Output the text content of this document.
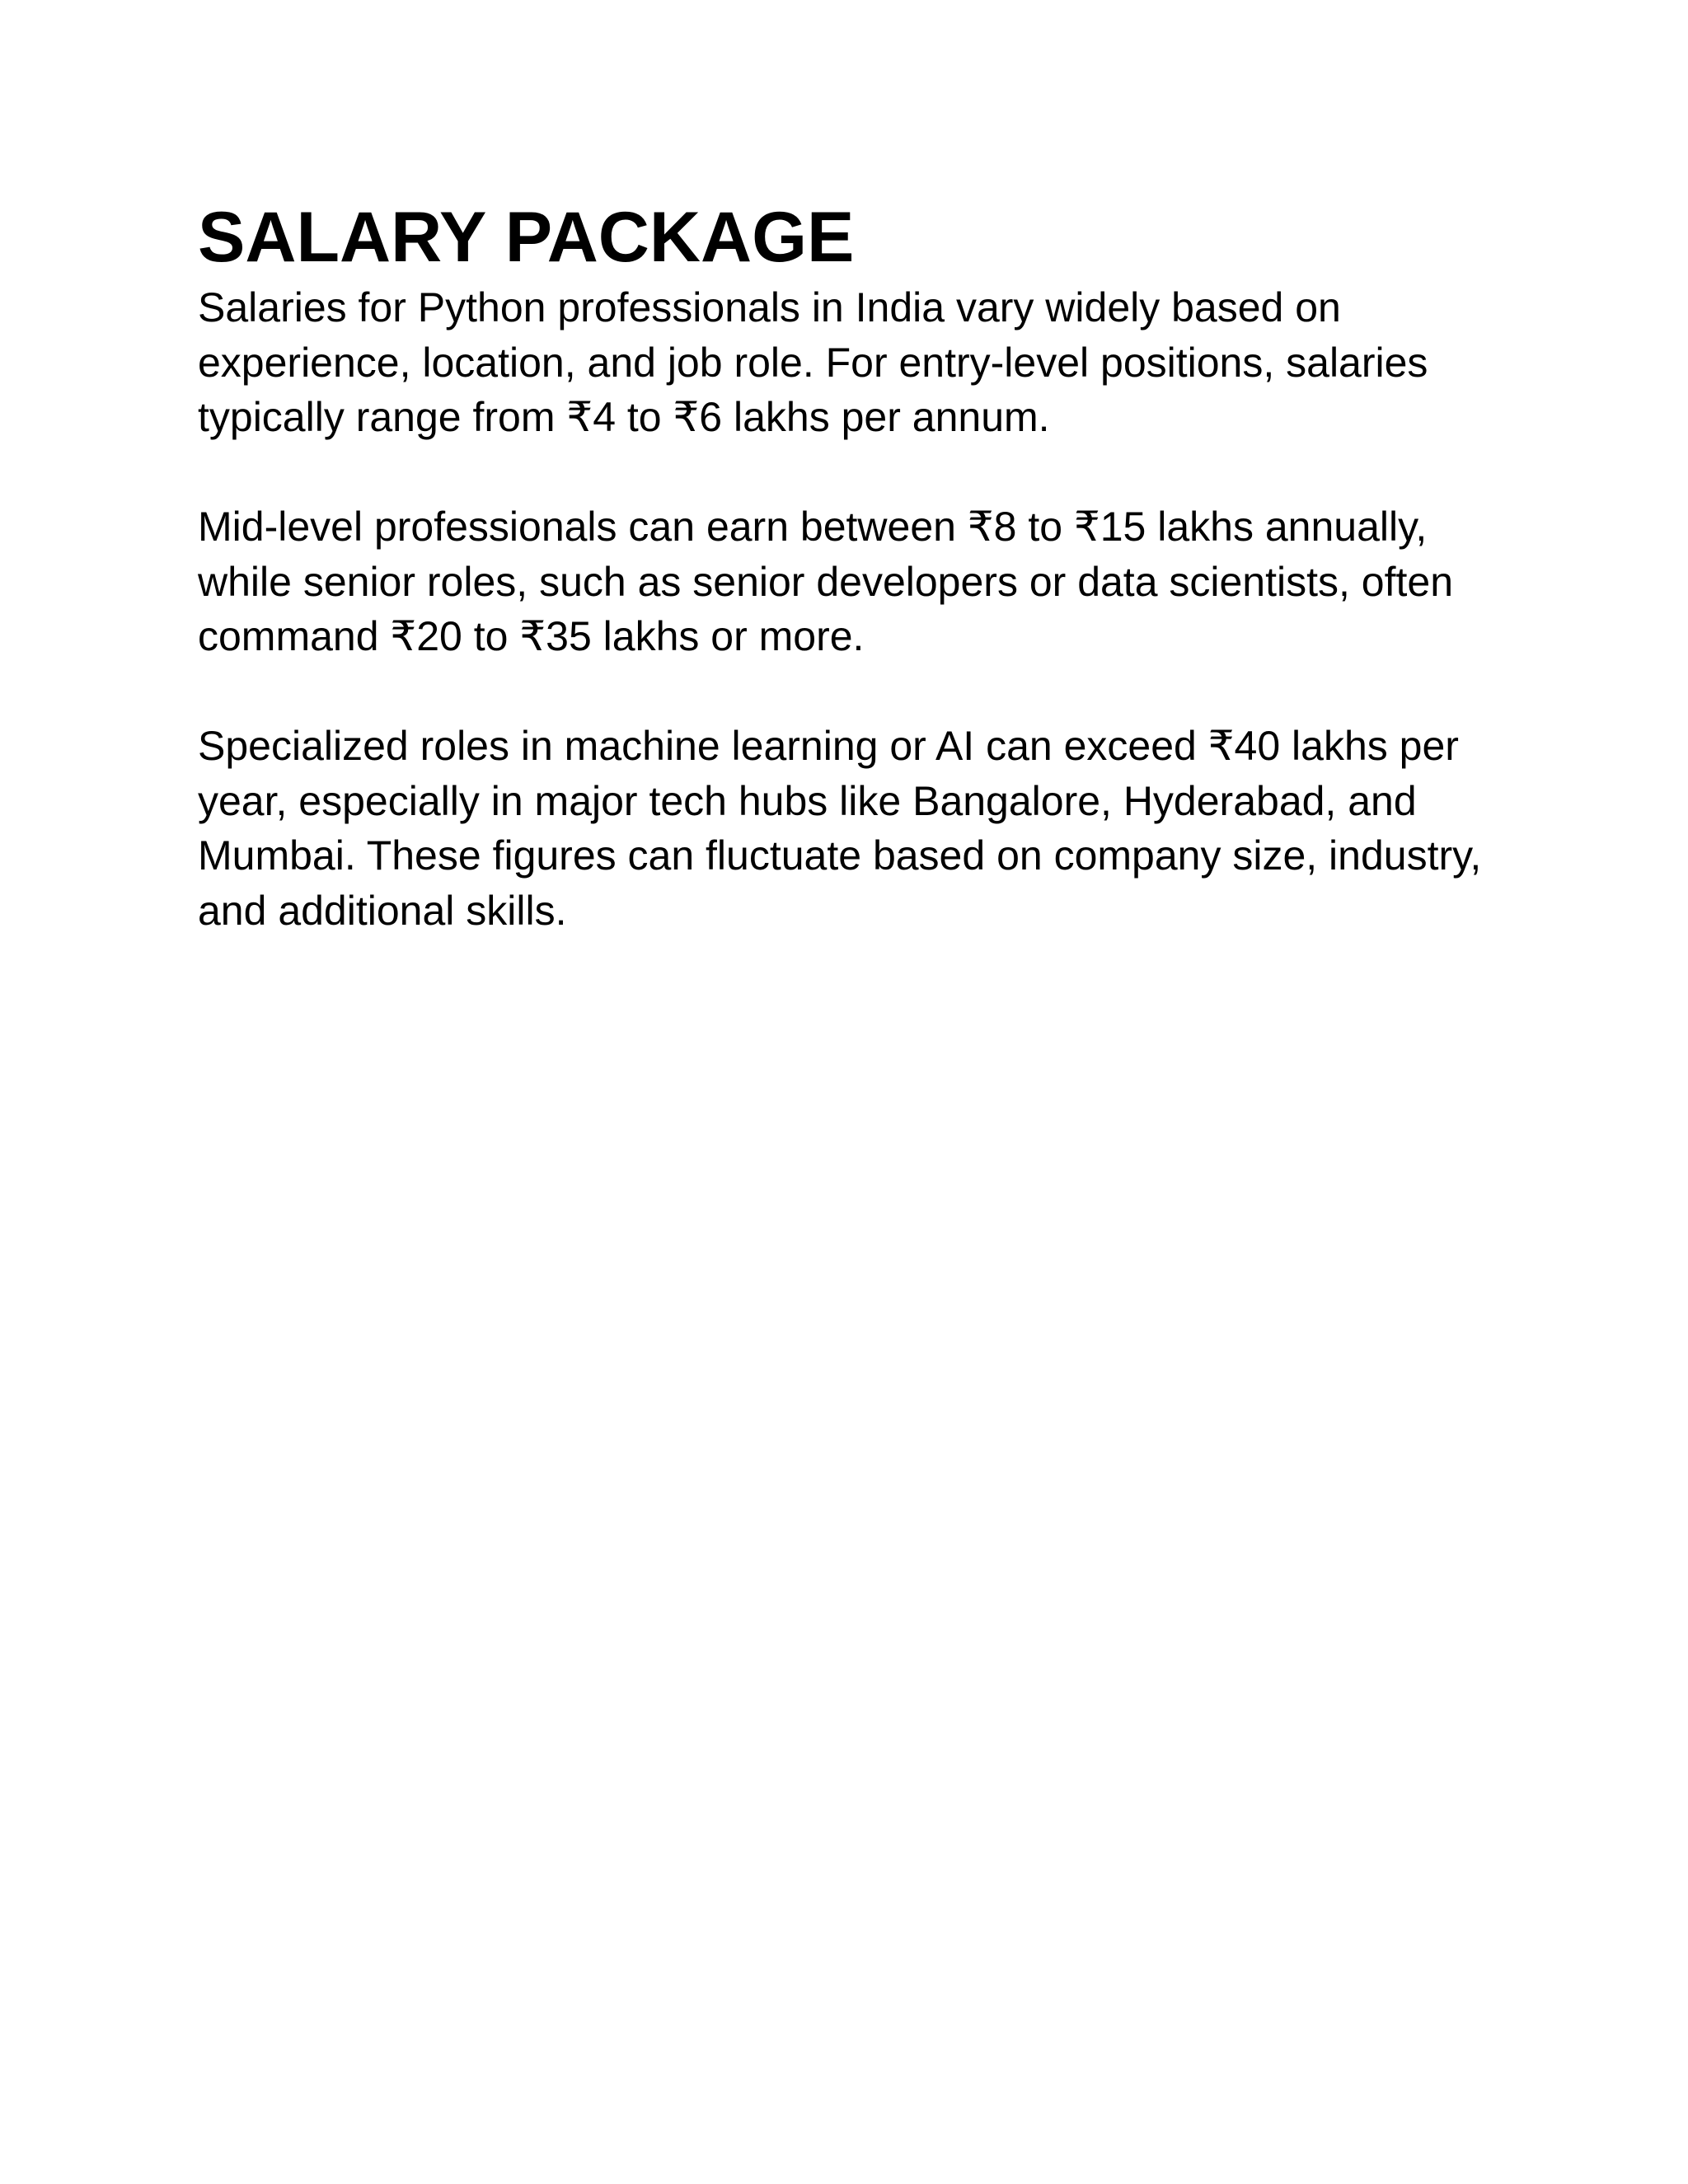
SALARY PACKAGE

Salaries for Python professionals in India vary widely based on
experience, location, and job role. For entry-level positions, salaries
typically range from ₹4 to ₹6 lakhs per annum.

Mid-level professionals can earn between ₹8 to ₹15 lakhs annually,
while senior roles, such as senior developers or data scientists, often
command ₹20 to ₹35 lakhs or more.

Specialized roles in machine learning or AI can exceed ₹40 lakhs per
year, especially in major tech hubs like Bangalore, Hyderabad, and
Mumbai. These figures can fluctuate based on company size, industry,
and additional skills.
